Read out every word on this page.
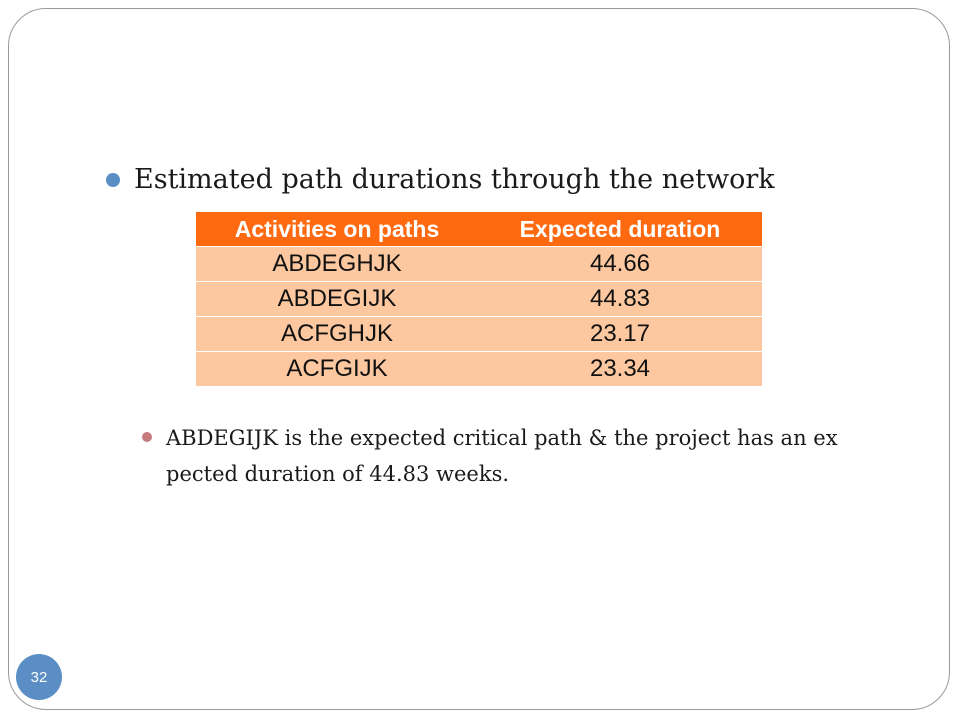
Estimated path durations through the network
Activities on paths	Expected duration
ABDEGHJK	44.66
ABDEGIJK	44.83
ACFGHJK	23.17
ACFGIJK	23.34
ABDEGIJK is the expected critical path & the project has an ex pected duration of 44.83 weeks.
32
